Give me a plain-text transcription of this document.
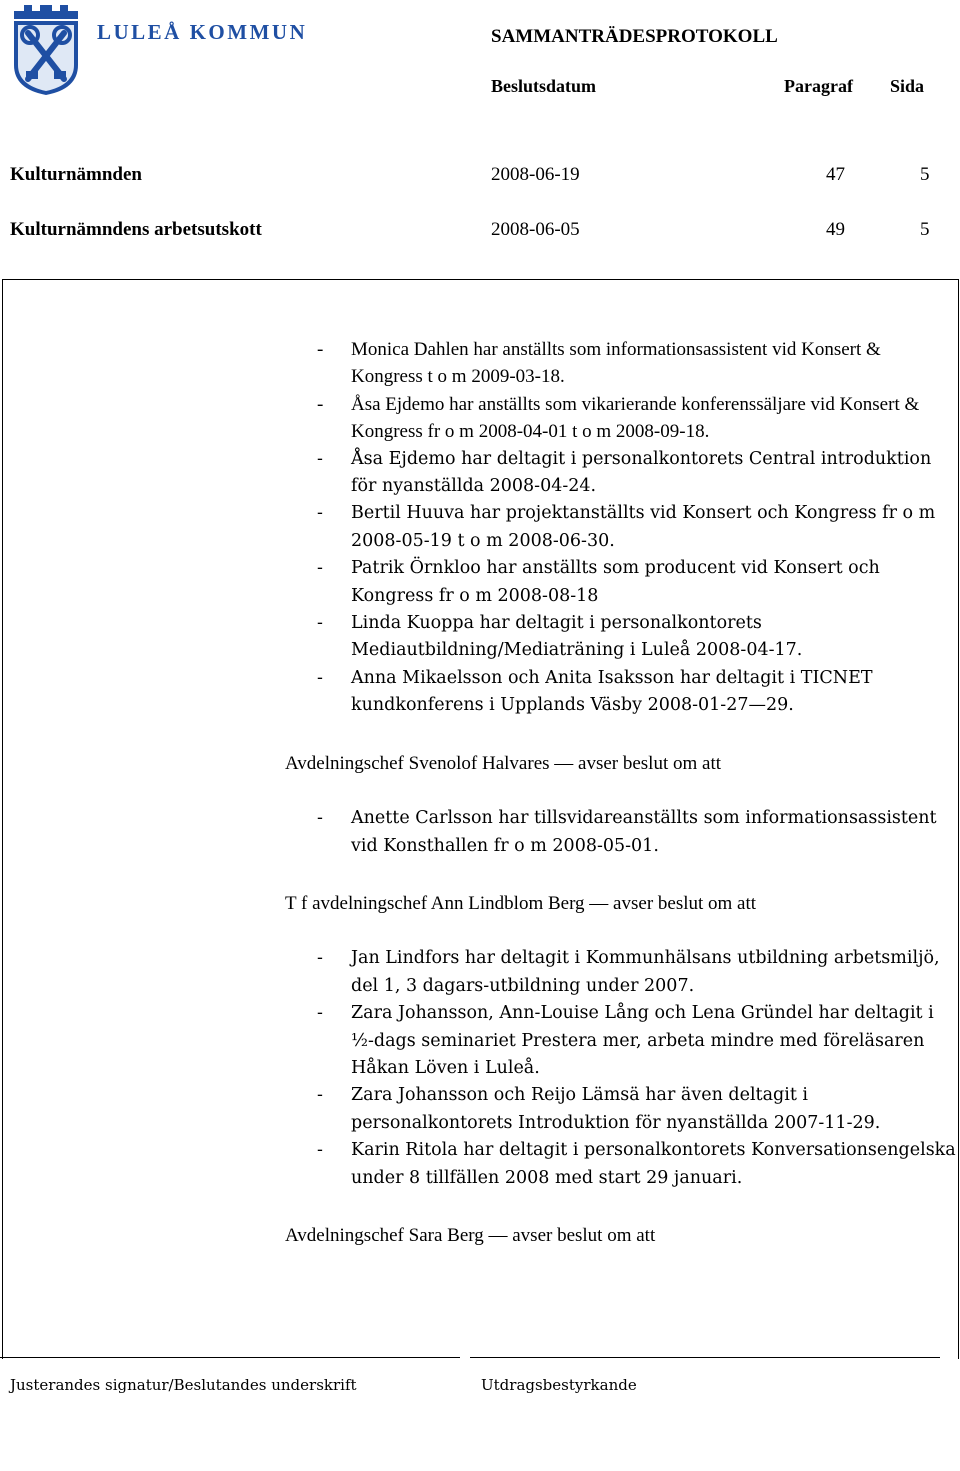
LULEÅ KOMMUN	SAMMANTRÄDESPROTOKOLL
Beslutsdatum	Paragraf Sida
Kulturnämnden	2008-06-19	47	5
Kulturnämndens arbetsutskott	2008-06-05	49	5
- Monica Dahlen har anställts som informationsassistent vid Konsert & Kongress t o m 2009-03-18.
- Åsa Ejdemo har anställts som vikarierande konferenssäljare vid Konsert & Kongress fr o m 2008-04-01 t o m 2008-09-18.
- Åsa Ejdemo har deltagit i personalkontorets Central introduktion för nyanställda 2008-04-24.
- Bertil Huuva har projektanställts vid Konsert och Kongress fr o m 2008-05-19 t o m 2008-06-30.
- Patrik Örnkloo har anställts som producent vid Konsert och Kongress fr o m 2008-08-18
- Linda Kuoppa har deltagit i personalkontorets Mediautbildning/Mediaträning i Luleå 2008-04-17.
- Anna Mikaelsson och Anita Isaksson har deltagit i TICNET kundkonferens i Upplands Väsby 2008-01-27—29.
Avdelningschef Svenolof Halvares — avser beslut om att
- Anette Carlsson har tillsvidareanställts som informationsassistent vid Konsthallen fr o m 2008-05-01.
T f avdelningschef Ann Lindblom Berg — avser beslut om att
- Jan Lindfors har deltagit i Kommunhälsans utbildning arbetsmiljö, del 1, 3 dagars-utbildning under 2007.
- Zara Johansson, Ann-Louise Lång och Lena Gründel har deltagit i ½-dags seminariet Prestera mer, arbeta mindre med föreläsaren Håkan Löven i Luleå.
- Zara Johansson och Reijo Lämsä har även deltagit i personalkontorets Introduktion för nyanställda 2007-11-29.
- Karin Ritola har deltagit i personalkontorets Konversationsengelska under 8 tillfällen 2008 med start 29 januari.
Avdelningschef Sara Berg — avser beslut om att
Justerandes signatur/Beslutandes underskrift	Utdragsbestyrkande
